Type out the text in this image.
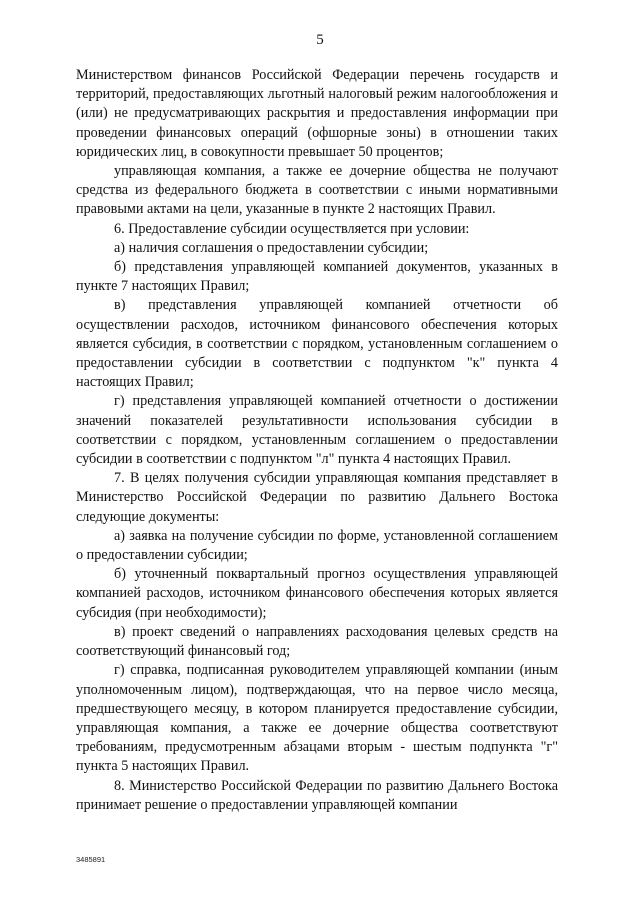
5

Министерством финансов Российской Федерации перечень государств и территорий, предоставляющих льготный налоговый режим налогообложения и (или) не предусматривающих раскрытия и предоставления информации при проведении финансовых операций (офшорные зоны) в отношении таких юридических лиц, в совокупности превышает 50 процентов;

управляющая компания, а также ее дочерние общества не получают средства из федерального бюджета в соответствии с иными нормативными правовыми актами на цели, указанные в пункте 2 настоящих Правил.

6. Предоставление субсидии осуществляется при условии:

а) наличия соглашения о предоставлении субсидии;

б) представления управляющей компанией документов, указанных в пункте 7 настоящих Правил;

в) представления управляющей компанией отчетности об осуществлении расходов, источником финансового обеспечения которых является субсидия, в соответствии с порядком, установленным соглашением о предоставлении субсидии в соответствии с подпунктом "к" пункта 4 настоящих Правил;

г) представления управляющей компанией отчетности о достижении значений показателей результативности использования субсидии в соответствии с порядком, установленным соглашением о предоставлении субсидии в соответствии с подпунктом "л" пункта 4 настоящих Правил.

7. В целях получения субсидии управляющая компания представляет в Министерство Российской Федерации по развитию Дальнего Востока следующие документы:

а) заявка на получение субсидии по форме, установленной соглашением о предоставлении субсидии;

б) уточненный поквартальный прогноз осуществления управляющей компанией расходов, источником финансового обеспечения которых является субсидия (при необходимости);

в) проект сведений о направлениях расходования целевых средств на соответствующий финансовый год;

г) справка, подписанная руководителем управляющей компании (иным уполномоченным лицом), подтверждающая, что на первое число месяца, предшествующего месяцу, в котором планируется предоставление субсидии, управляющая компания, а также ее дочерние общества соответствуют требованиям, предусмотренным абзацами вторым - шестым подпункта "г" пункта 5 настоящих Правил.

8. Министерство Российской Федерации по развитию Дальнего Востока принимает решение о предоставлении управляющей компании

3485891
